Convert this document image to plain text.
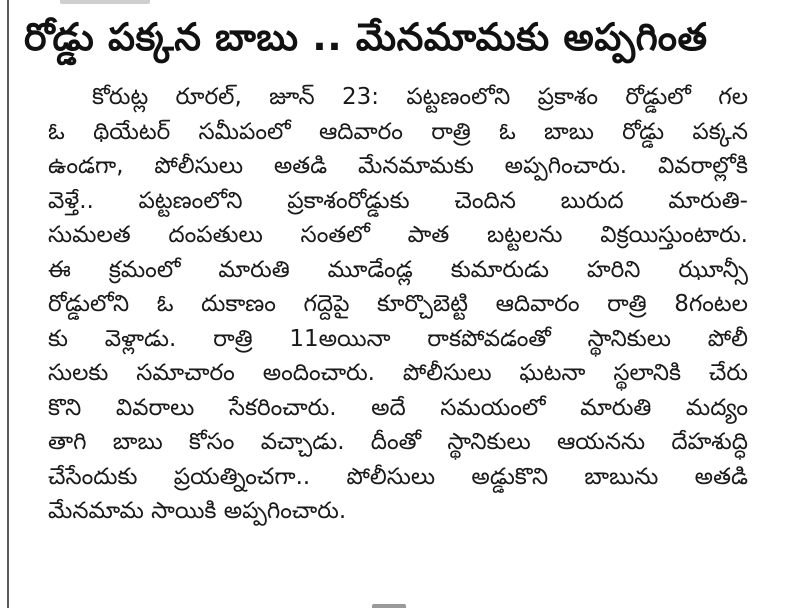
రోడ్డు పక్కన బాబు .. మేనమామకు అప్పగింత
కోరుట్ల రూరల్, జూన్ 23: పట్టణంలోని ప్రకాశం రోడ్డులో గల
ఓ థియేటర్ సమీపంలో ఆదివారం రాత్రి ఓ బాబు రోడ్డు పక్కన
ఉండగా, పోలీసులు అతడి మేనమామకు అప్పగించారు. వివరాల్లోకి
వెళ్తే.. పట్టణంలోని ప్రకాశంరోడ్డుకు చెందిన బురుద మారుతి-
సుమలత దంపతులు సంతలో పాత బట్టలను విక్రయిస్తుంటారు.
ఈ క్రమంలో మారుతి మూడేండ్ల కుమారుడు హరిని ఝూన్సీ
రోడ్డులోని ఓ దుకాణం గద్దెపై కూర్చొబెట్టి ఆదివారం రాత్రి 8గంటల
కు వెళ్లాడు. రాత్రి 11అయినా రాకపోవడంతో స్థానికులు పోలీ
సులకు సమాచారం అందించారు. పోలీసులు ఘటనా స్థలానికి చేరు
కొని వివరాలు సేకరించారు. అదే సమయంలో మారుతి మద్యం
తాగి బాబు కోసం వచ్చాడు. దీంతో స్థానికులు ఆయనను దేహశుద్ధి
చేసేందుకు ప్రయత్నించగా.. పోలీసులు అడ్డుకొని బాబును అతడి
మేనమామ సాయికి అప్పగించారు.
